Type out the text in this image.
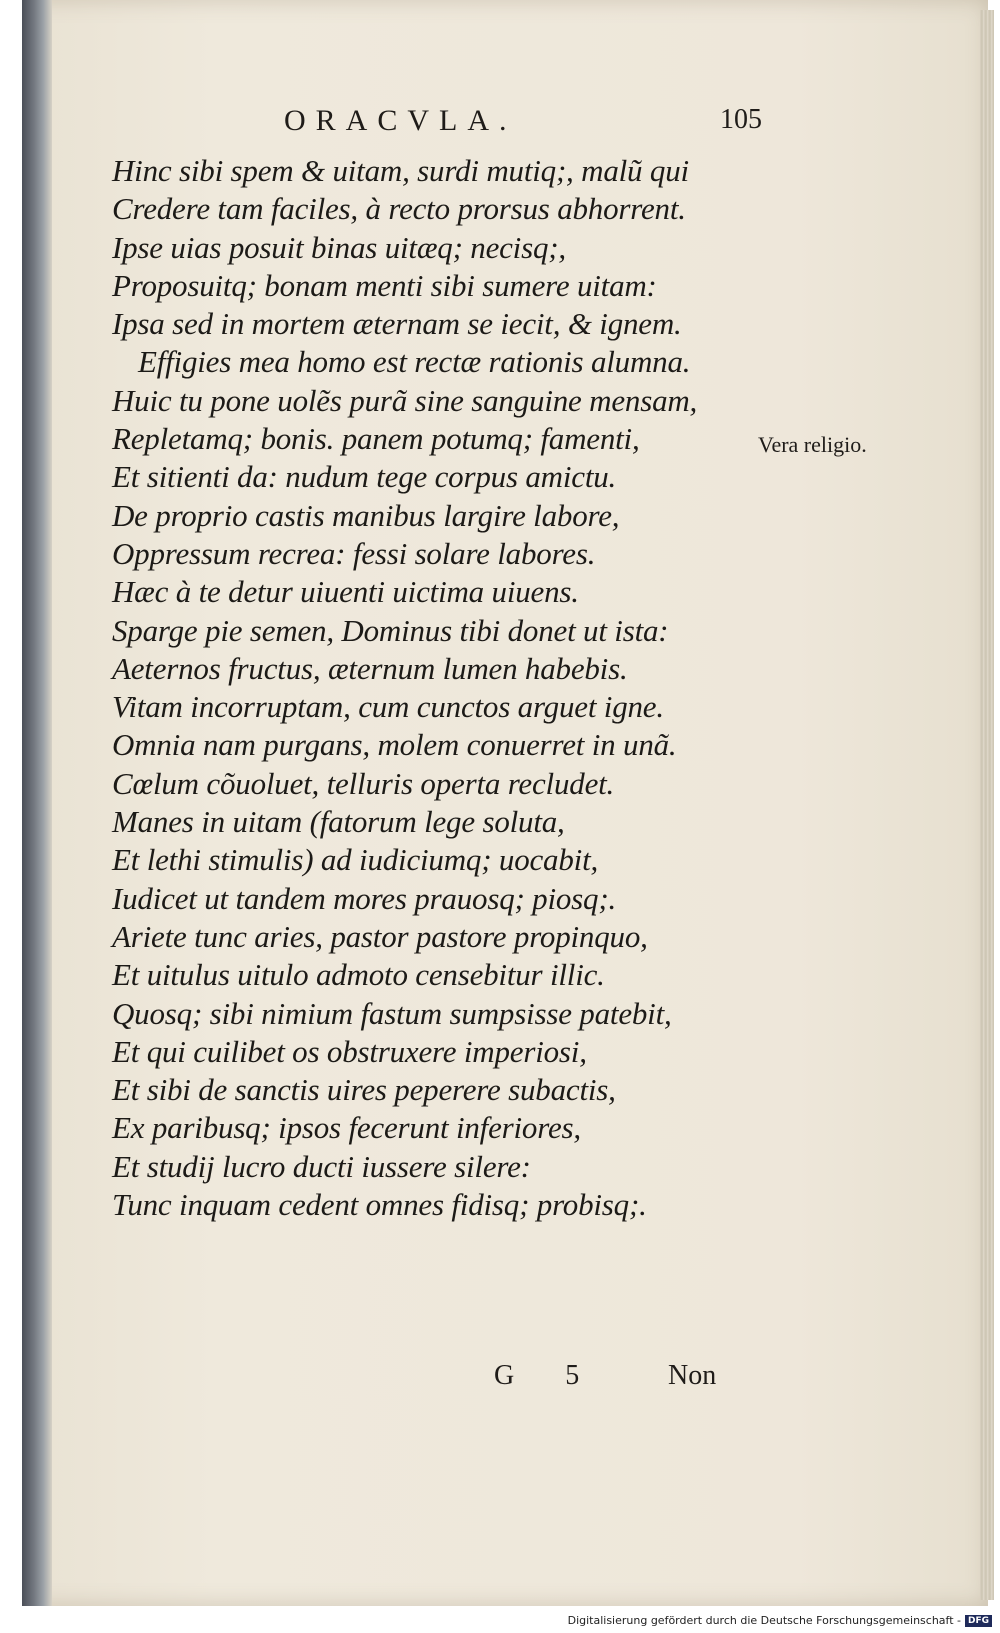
ORACVLA.	105
Hinc sibi spem & uitam, surdi mutiq;, malũ qui
Credere tam faciles, à recto prorsus abhorrent.
Ipse uias posuit binas uitæq; necisq;,
Proposuitq; bonam menti sibi sumere uitam:
Ipsa sed in mortem æternam se iecit, & ignem.
Effigies mea homo est rectæ rationis alumna.
Huic tu pone uolẽs purã sine sanguine mensam,
Repletamq; bonis. panem potumq; famenti,
Et sitienti da: nudum tege corpus amictu.
De proprio castis manibus largire labore,
Oppressum recrea: fessi solare labores.
Hæc à te detur uiuenti uictima uiuens.
Sparge pie semen, Dominus tibi donet ut ista:
Aeternos fructus, æternum lumen habebis.
Vitam incorruptam, cum cunctos arguet igne.
Omnia nam purgans, molem conuerret in unã.
Cœlum cõuoluet, telluris operta recludet.
Manes in uitam (fatorum lege soluta,
Et lethi stimulis) ad iudiciumq; uocabit,
Iudicet ut tandem mores prauosq; piosq;.
Ariete tunc aries, pastor pastore propinquo,
Et uitulus uitulo admoto censebitur illic.
Quosq; sibi nimium fastum sumpsisse patebit,
Et qui cuilibet os obstruxere imperiosi,
Et sibi de sanctis uires peperere subactis,
Ex paribusq; ipsos fecerunt inferiores,
Et studij lucro ducti iussere silere:
Tunc inquam cedent omnes fidisq; probisq;.
Vera religio.
G 5 Non
Digitalisierung gefördert durch die Deutsche Forschungsgemeinschaft - DFG
